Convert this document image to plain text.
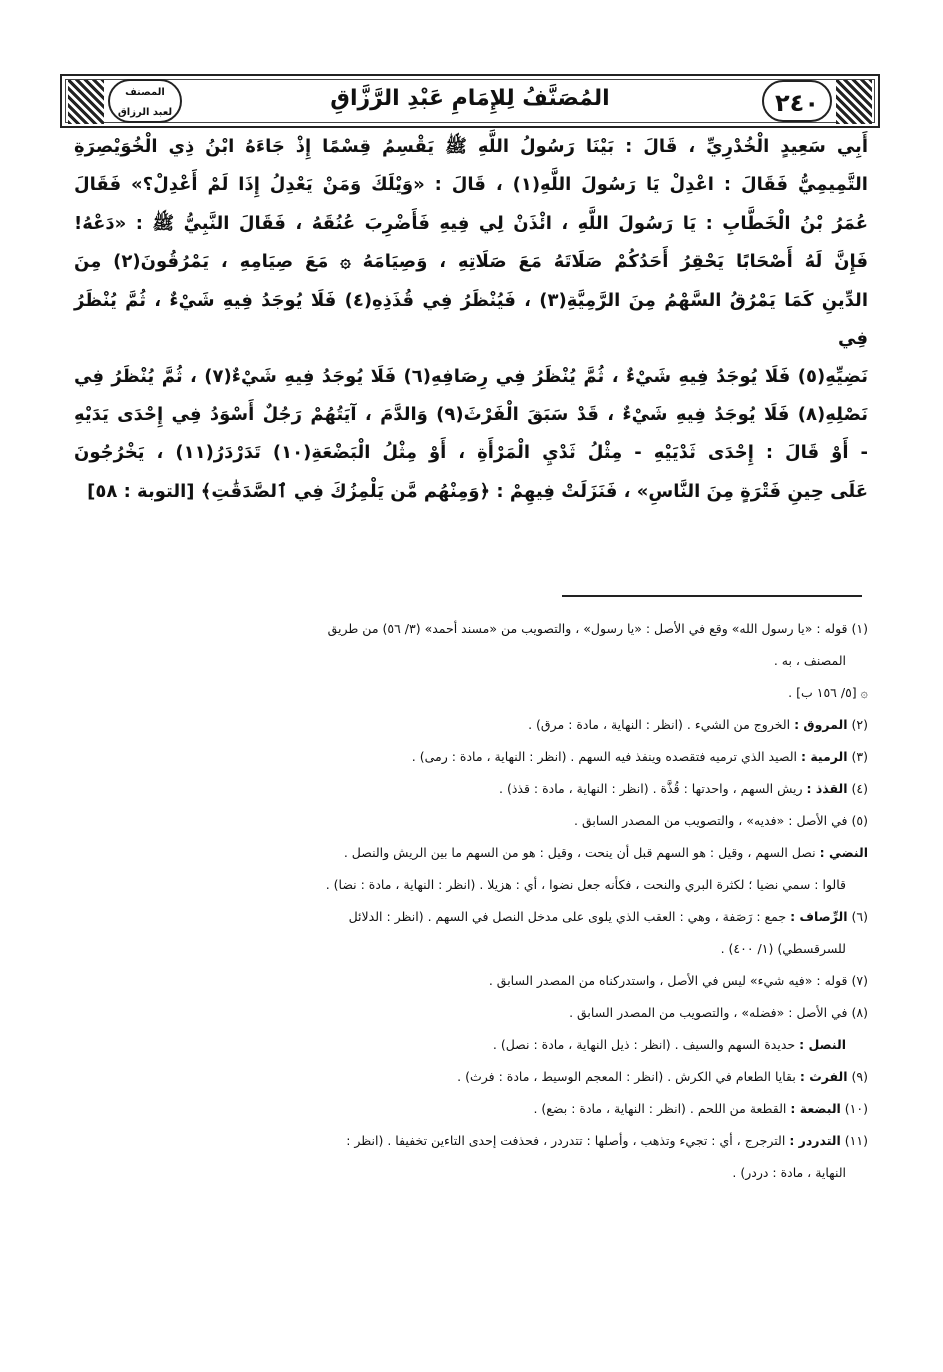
٢٤٠
المُصَنَّفُ لِلإِمَامِ عَبْدِ الرَّزَّاقِ
المصنف
لعبد الرزاق
أَبِي سَعِيدٍ الْخُدْرِيِّ ، قَالَ : بَيْنَا رَسُولُ اللَّهِ ﷺ يَقْسِمُ قِسْمًا إِذْ جَاءَهُ ابْنُ ذِي الْخُوَيْصِرَةِ
التَّمِيمِيُّ فَقَالَ : اعْدِلْ يَا رَسُولَ اللَّهِ(١) ، قَالَ : «وَيْلَكَ وَمَنْ يَعْدِلُ إِذَا لَمْ أَعْدِلْ؟» فَقَالَ
عُمَرُ بْنُ الْخَطَّابِ : يَا رَسُولَ اللَّهِ ، ائْذَنْ لِي فِيهِ فَأَضْرِبَ عُنُقَهُ ، فَقَالَ النَّبِيُّ ﷺ : «دَعْهُ!
فَإِنَّ لَهُ أَصْحَابًا يَحْقِرُ أَحَدُكُمْ صَلَاتَهُ مَعَ صَلَاتِهِ ، وَصِيَامَهُ ۞ مَعَ صِيَامِهِ ، يَمْرُقُونَ(٢) مِنَ
الدِّينِ كَمَا يَمْرُقُ السَّهْمُ مِنَ الرَّمِيَّةِ(٣) ، فَيُنْظَرُ فِي قُذَذِهِ(٤) فَلَا يُوجَدُ فِيهِ شَيْءٌ ، ثُمَّ يُنْظَرُ فِي
نَضِيِّهِ(٥) فَلَا يُوجَدُ فِيهِ شَيْءٌ ، ثُمَّ يُنْظَرُ فِي رِصَافِهِ(٦) فَلَا يُوجَدُ فِيهِ شَيْءٌ(٧) ، ثُمَّ يُنْظَرُ فِي
نَصْلِهِ(٨) فَلَا يُوجَدُ فِيهِ شَيْءٌ ، قَدْ سَبَقَ الْفَرْثَ(٩) وَالدَّمَ ، آيَتُهُمْ رَجُلٌ أَسْوَدُ فِي إِحْدَى يَدَيْهِ
- أَوْ قَالَ : إِحْدَى ثَدْيَيْهِ - مِثْلُ ثَدْيِ الْمَرْأَةِ ، أَوْ مِثْلُ الْبَضْعَةِ(١٠) تَدَرْدَرُ(١١) ، يَخْرُجُونَ
عَلَى حِينِ فَتْرَةٍ مِنَ النَّاسِ» ، فَنَزَلَتْ فِيهِمْ : ﴿وَمِنْهُم مَّن يَلْمِزُكَ فِي ٱلصَّدَقَٰتِ﴾ [التوبة : ٥٨]
(١) قوله : «يا رسول الله» وقع في الأصل : «يا رسول» ، والتصويب من «مسند أحمد» (٣/ ٥٦) من طريق
المصنف ، به .
۞ [٥/ ١٥٦ ب] .
(٢) المروق : الخروج من الشيء . (انظر : النهاية ، مادة : مرق) .
(٣) الرمية : الصيد الذي ترميه فتقصده وينفذ فيه السهم . (انظر : النهاية ، مادة : رمى) .
(٤) القذذ : ريش السهم ، واحدتها : قُذَّة . (انظر : النهاية ، مادة : قذذ) .
(٥) في الأصل : «فديه» ، والتصويب من المصدر السابق .
النضي : نصل السهم ، وقيل : هو السهم قبل أن ينحت ، وقيل : هو من السهم ما بين الريش والنصل .
قالوا : سمي نضيا ؛ لكثرة البري والنحت ، فكأنه جعل نضوا ، أي : هزيلا . (انظر : النهاية ، مادة : نضا) .
(٦) الرِّصاف : جمع : رَصَفة ، وهي : العقب الذي يلوى على مدخل النصل في السهم . (انظر : الدلائل
للسرقسطي) (١/ ٤٠٠) .
(٧) قوله : «فيه شيء» ليس في الأصل ، واستدركناه من المصدر السابق .
(٨) في الأصل : «فضله» ، والتصويب من المصدر السابق .
النصل : حديدة السهم والسيف . (انظر : ذيل النهاية ، مادة : نصل) .
(٩) الفرث : بقايا الطعام في الكرش . (انظر : المعجم الوسيط ، مادة : فرث) .
(١٠) البضعة : القطعة من اللحم . (انظر : النهاية ، مادة : بضع) .
(١١) التدردر : الترجرج ، أي : تجيء وتذهب ، وأصلها : تتدردر ، فحذفت إحدى التاءين تخفيفا . (انظر :
النهاية ، مادة : دردر) .
